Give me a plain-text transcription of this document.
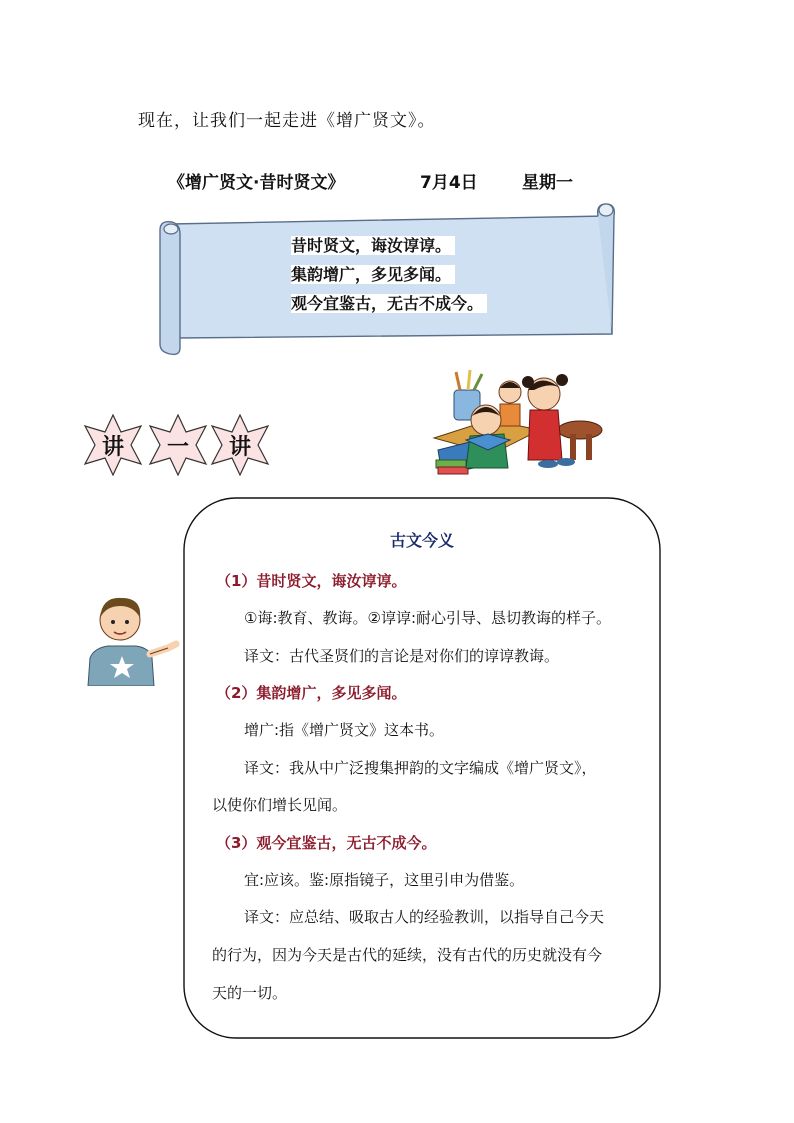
现在，让我们一起走进《增广贤文》。
《增广贤文·昔时贤文》	7月4日	星期一
昔时贤文，诲汝谆谆。
集韵增广，多见多闻。
观今宜鉴古，无古不成今。
讲	一	讲
古文今义
（1）昔时贤文，诲汝谆谆。
①诲:教育、教诲。②谆谆:耐心引导、恳切教诲的样子。
译文：古代圣贤们的言论是对你们的谆谆教诲。
（2）集韵增广，多见多闻。
增广:指《增广贤文》这本书。
译文：我从中广泛搜集押韵的文字编成《增广贤文》，
以使你们增长见闻。
（3）观今宜鉴古，无古不成今。
宜:应该。鉴:原指镜子，这里引申为借鉴。
译文：应总结、吸取古人的经验教训，以指导自己今天
的行为，因为今天是古代的延续，没有古代的历史就没有今
天的一切。
